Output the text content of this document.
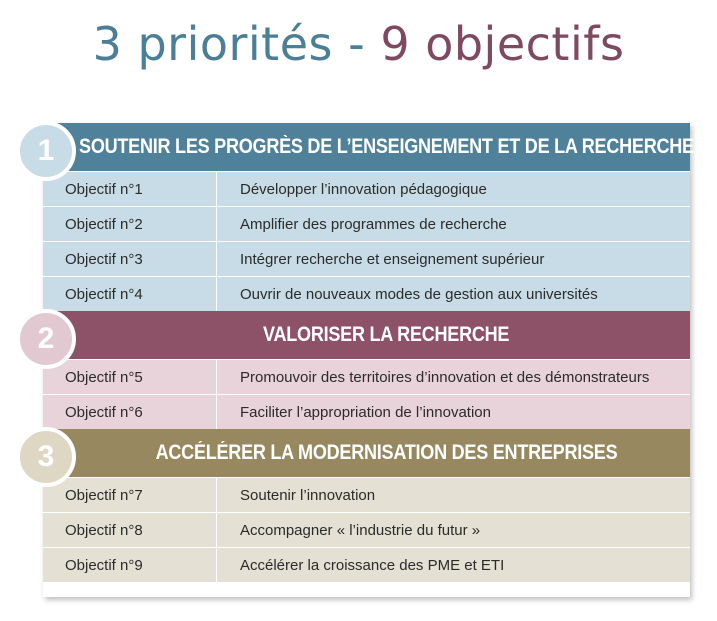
3 priorités - 9 objectifs
1	SOUTENIR LES PROGRÈS DE L’ENSEIGNEMENT ET DE LA RECHERCHE
Objectif n°1	Développer l’innovation pédagogique
Objectif n°2	Amplifier des programmes de recherche
Objectif n°3	Intégrer recherche et enseignement supérieur
Objectif n°4	Ouvrir de nouveaux modes de gestion aux universités
2	VALORISER LA RECHERCHE
Objectif n°5	Promouvoir des territoires d’innovation et des démonstrateurs
Objectif n°6	Faciliter l’appropriation de l’innovation
3	ACCÉLÉRER LA MODERNISATION DES ENTREPRISES
Objectif n°7	Soutenir l’innovation
Objectif n°8	Accompagner « l’industrie du futur »
Objectif n°9	Accélérer la croissance des PME et ETI
